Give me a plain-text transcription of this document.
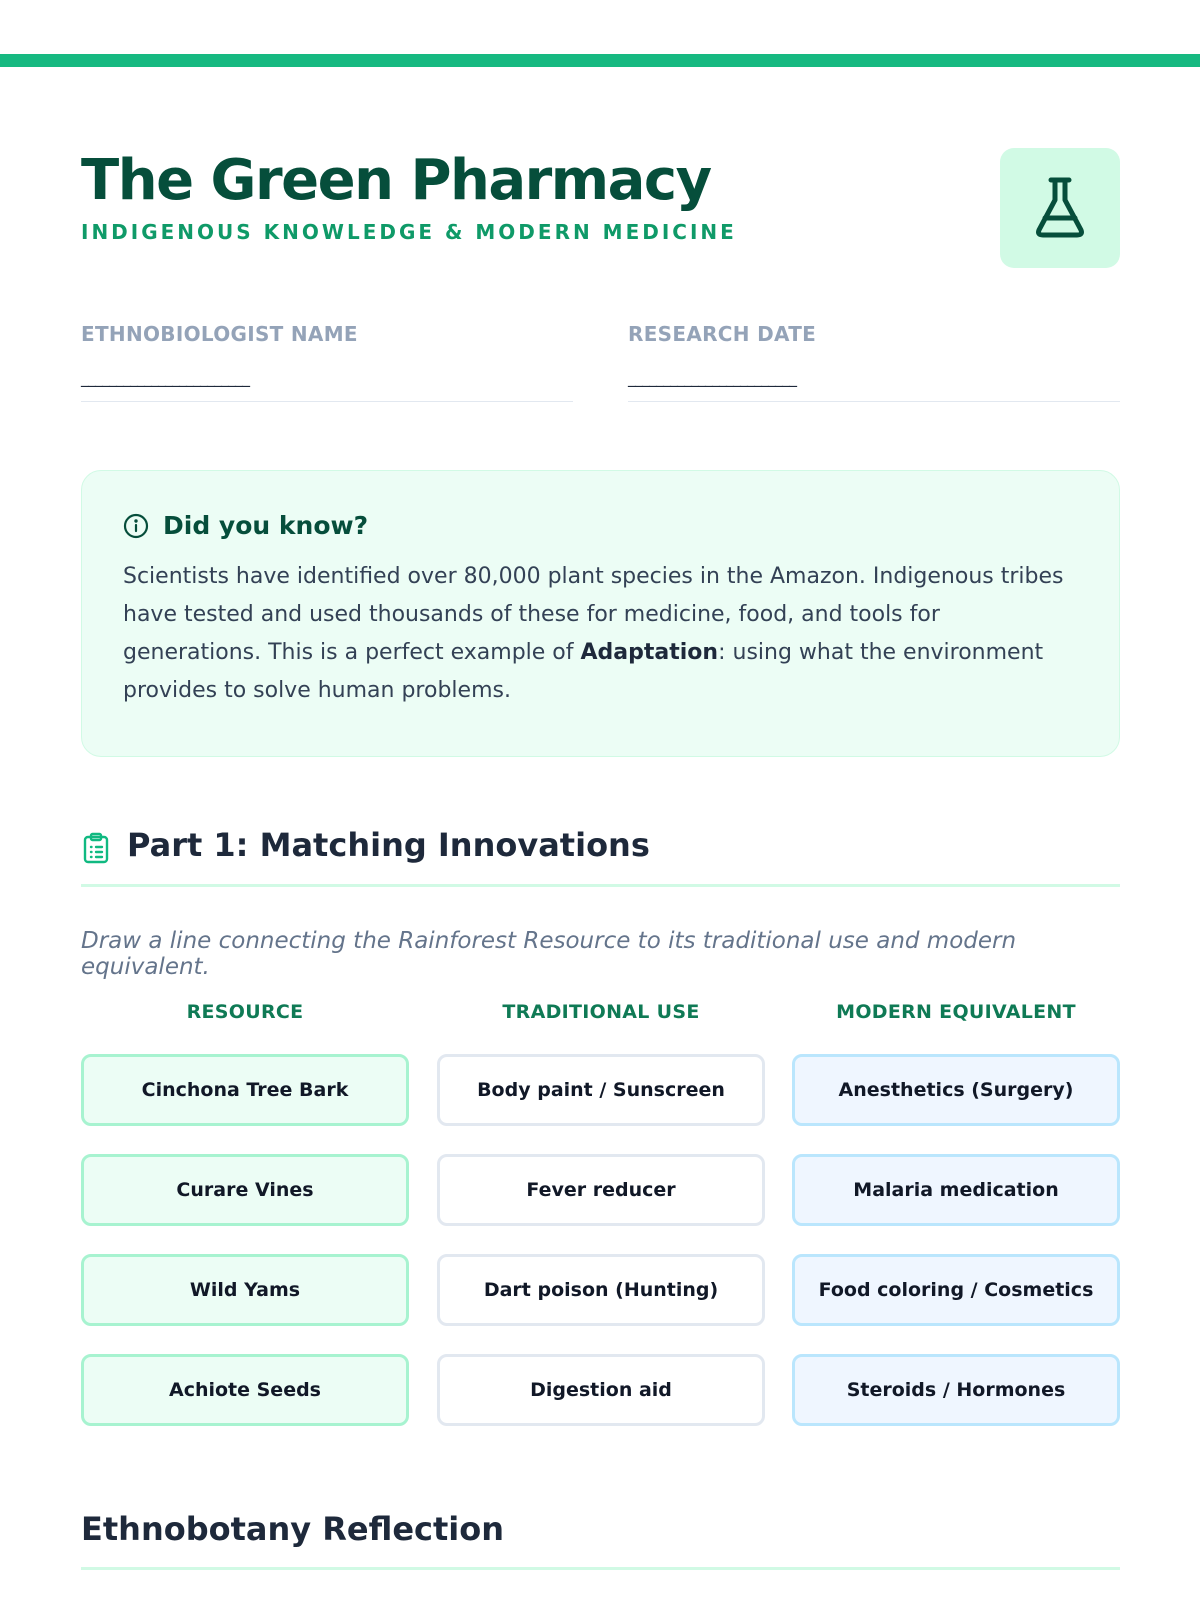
The Green Pharmacy
INDIGENOUS KNOWLEDGE & MODERN MEDICINE
ETHNOBIOLOGIST NAME
________________________
RESEARCH DATE
________________________
Did you know?

Scientists have identified over 80,000 plant species in the Amazon. Indigenous tribes have tested and used thousands of these for medicine, food, and tools for generations. This is a perfect example of Adaptation: using what the environment provides to solve human problems.

Part 1: Matching Innovations
Draw a line connecting the Rainforest Resource to its traditional use and modern equivalent.
RESOURCE	TRADITIONAL USE	MODERN EQUIVALENT
Cinchona Tree Bark
Curare Vines
Wild Yams
Achiote Seeds
Body paint / Sunscreen
Fever reducer
Dart poison (Hunting)
Digestion aid
Anesthetics (Surgery)
Malaria medication
Food coloring / Cosmetics
Steroids / Hormones
Ethnobotany Reflection
